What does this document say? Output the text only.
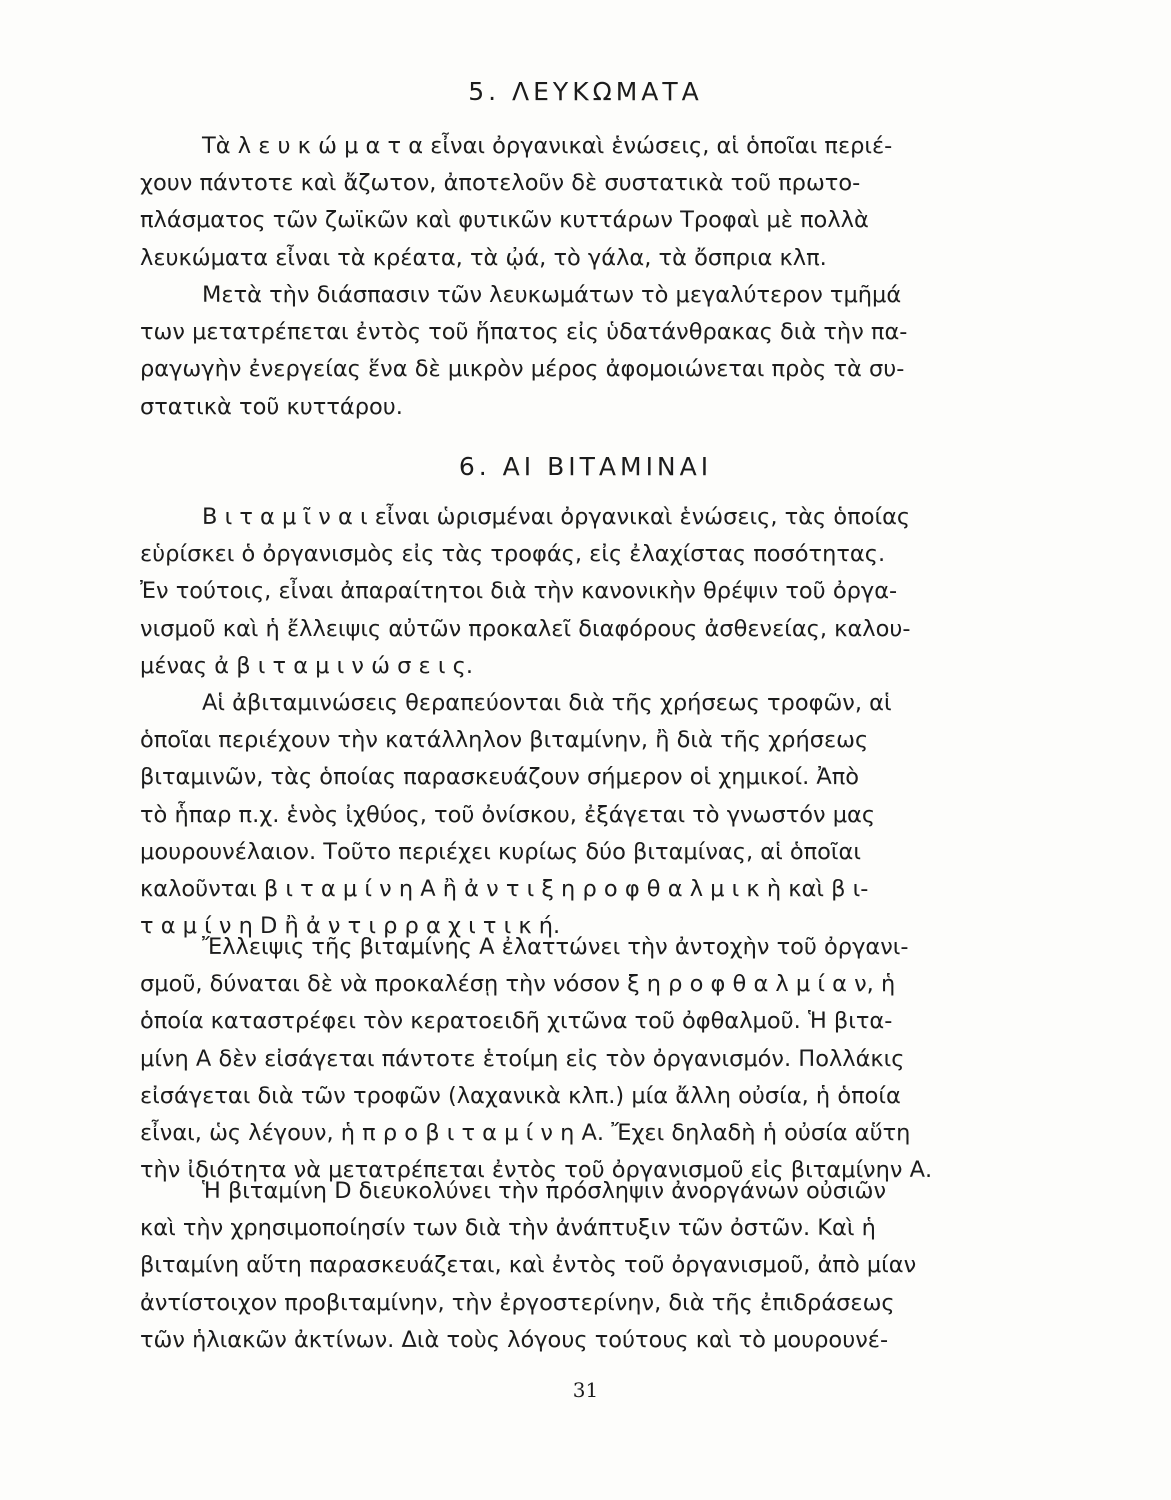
5. ΛΕΥΚΩΜΑΤΑ
Τὰ λ ε υ κ ώ μ α τ α εἶναι ὀργανικαὶ ἑνώσεις, αἱ ὁποῖαι περιέ-
χουν πάντοτε καὶ ἄζωτον, ἀποτελοῦν δὲ συστατικὰ τοῦ πρωτο-
πλάσματος τῶν ζωϊκῶν καὶ φυτικῶν κυττάρων Τροφαὶ μὲ πολλὰ
λευκώματα εἶναι τὰ κρέατα, τὰ ᾠά, τὸ γάλα, τὰ ὄσπρια κλπ.
Μετὰ τὴν διάσπασιν τῶν λευκωμάτων τὸ μεγαλύτερον τμῆμά
των μετατρέπεται ἐντὸς τοῦ ἥπατος εἰς ὑδατάνθρακας διὰ τὴν πα-
ραγωγὴν ἐνεργείας ἕνα δὲ μικρὸν μέρος ἀφομοιώνεται πρὸς τὰ συ-
στατικὰ τοῦ κυττάρου.
6. ΑΙ ΒΙΤΑΜΙΝΑΙ
Β ι τ α μ ῖ ν α ι εἶναι ὡρισμέναι ὀργανικαὶ ἑνώσεις, τὰς ὁποίας
εὑρίσκει ὁ ὀργανισμὸς εἰς τὰς τροφάς, εἰς ἐλαχίστας ποσότητας.
Ἐν τούτοις, εἶναι ἀπαραίτητοι διὰ τὴν κανονικὴν θρέψιν τοῦ ὀργα-
νισμοῦ καὶ ἡ ἔλλειψις αὐτῶν προκαλεῖ διαφόρους ἀσθενείας, καλου-
μένας ἀ β ι τ α μ ι ν ώ σ ε ι ς.
Αἱ ἀβιταμινώσεις θεραπεύονται διὰ τῆς χρήσεως τροφῶν, αἱ
ὁποῖαι περιέχουν τὴν κατάλληλον βιταμίνην, ἢ διὰ τῆς χρήσεως
βιταμινῶν, τὰς ὁποίας παρασκευάζουν σήμερον οἱ χημικοί. Ἀπὸ
τὸ ἧπαρ π.χ. ἑνὸς ἰχθύος, τοῦ ὀνίσκου, ἐξάγεται τὸ γνωστόν μας
μουρουνέλαιον. Τοῦτο περιέχει κυρίως δύο βιταμίνας, αἱ ὁποῖαι
καλοῦνται β ι τ α μ ί ν η Α ἢ ἀ ν τ ι ξ η ρ ο φ θ α λ μ ι κ ὴ καὶ β ι-
τ α μ ί ν η D ἢ ἀ ν τ ι ρ ρ α χ ι τ ι κ ή.
Ἔλλειψις τῆς βιταμίνης Α ἐλαττώνει τὴν ἀντοχὴν τοῦ ὀργανι-
σμοῦ, δύναται δὲ νὰ προκαλέσῃ τὴν νόσον ξ η ρ ο φ θ α λ μ ί α ν, ἡ
ὁποία καταστρέφει τὸν κερατοειδῆ χιτῶνα τοῦ ὀφθαλμοῦ. Ἡ βιτα-
μίνη Α δὲν εἰσάγεται πάντοτε ἑτοίμη εἰς τὸν ὀργανισμόν. Πολλάκις
εἰσάγεται διὰ τῶν τροφῶν (λαχανικὰ κλπ.) μία ἄλλη οὐσία, ἡ ὁποία
εἶναι, ὡς λέγουν, ἡ π ρ ο β ι τ α μ ί ν η Α. Ἔχει δηλαδὴ ἡ οὐσία αὕτη
τὴν ἰδιότητα νὰ μετατρέπεται ἐντὸς τοῦ ὀργανισμοῦ εἰς βιταμίνην Α.
Ἡ βιταμίνη D διευκολύνει τὴν πρόσληψιν ἀνοργάνων οὐσιῶν
καὶ τὴν χρησιμοποίησίν των διὰ τὴν ἀνάπτυξιν τῶν ὀστῶν. Καὶ ἡ
βιταμίνη αὕτη παρασκευάζεται, καὶ ἐντὸς τοῦ ὀργανισμοῦ, ἀπὸ μίαν
ἀντίστοιχον προβιταμίνην, τὴν ἐργοστερίνην, διὰ τῆς ἐπιδράσεως
τῶν ἡλιακῶν ἀκτίνων. Διὰ τοὺς λόγους τούτους καὶ τὸ μουρουνέ-
31
